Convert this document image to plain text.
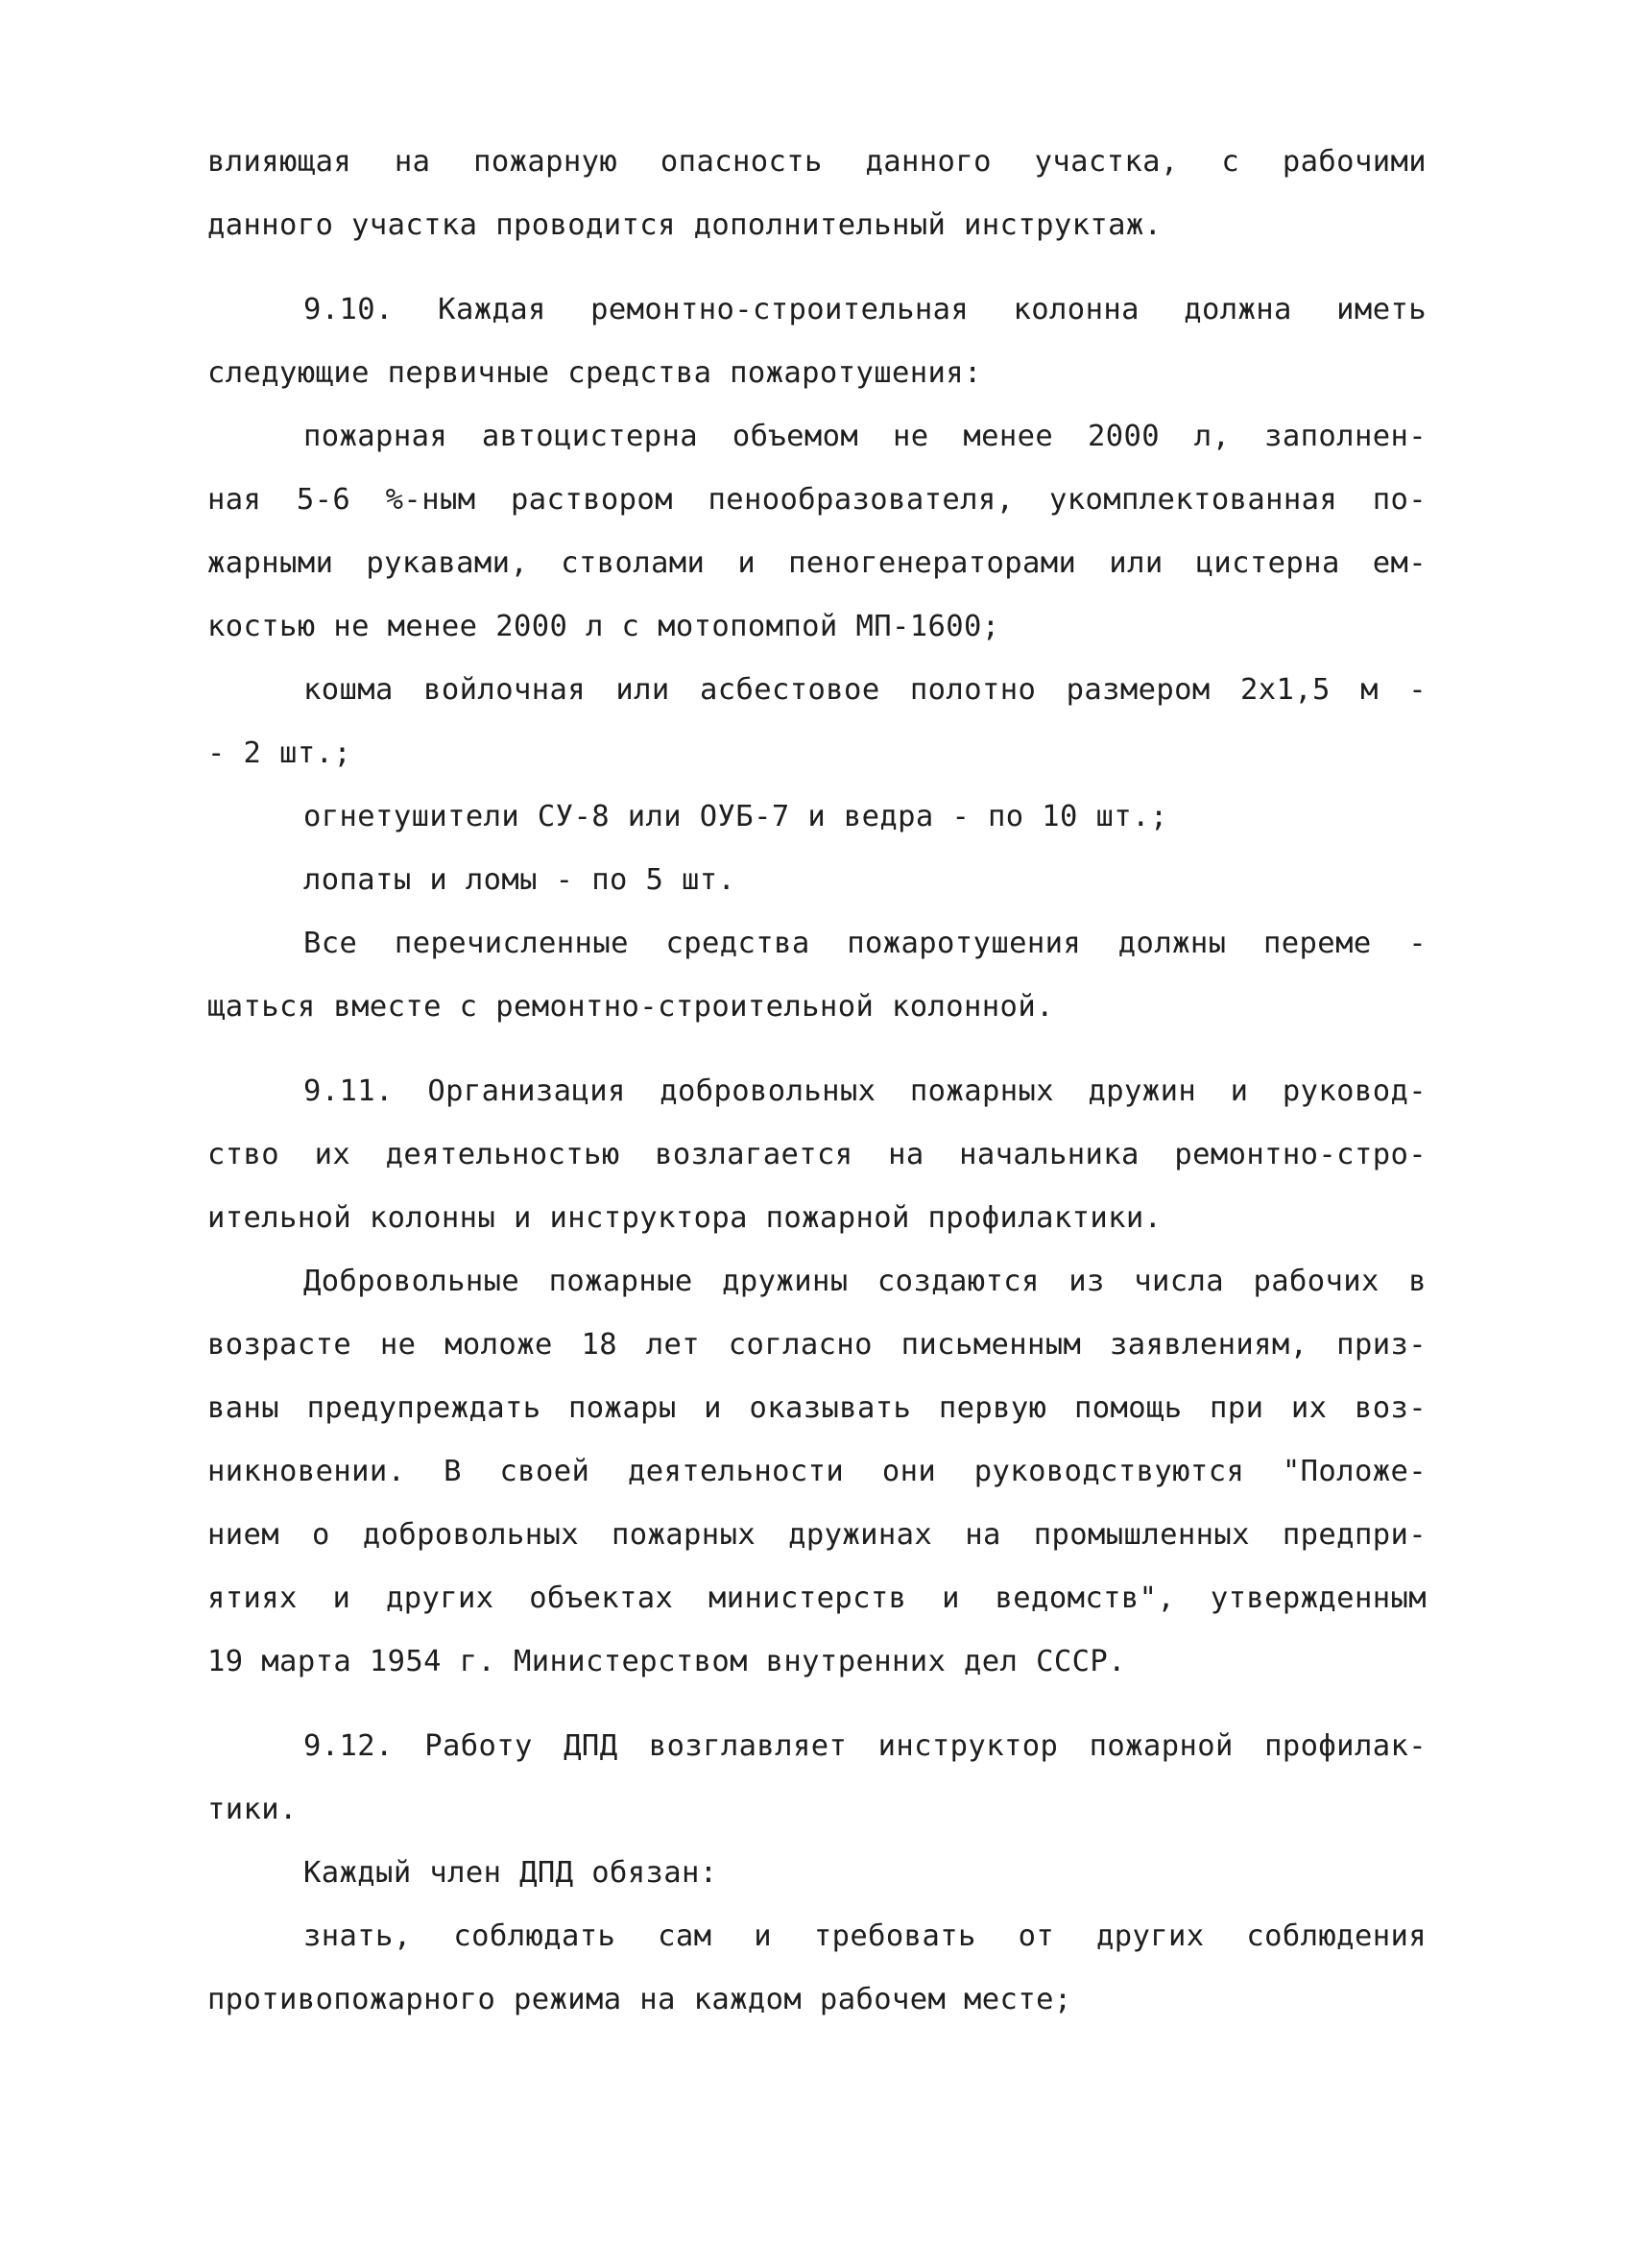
влияющая на пожарную опасность данного участка, с рабочими
данного участка проводится дополнительный инструктаж.
9.10. Каждая ремонтно-строительная колонна должна иметь
следующие первичные средства пожаротушения:
пожарная автоцистерна объемом не менее 2000 л, заполнен-
ная 5-6 %-ным раствором пенообразователя, укомплектованная по-
жарными рукавами, стволами и пеногенераторами или цистерна ем-
костью не менее 2000 л с мотопомпой МП-1600;
кошма войлочная или асбестовое полотно размером 2х1,5 м -
- 2 шт.;
огнетушители СУ-8 или ОУБ-7 и ведра - по 10 шт.;
лопаты и ломы - по 5 шт.
Все перечисленные средства пожаротушения должны переме -
щаться вместе с ремонтно-строительной колонной.
9.11. Организация добровольных пожарных дружин и руковод-
ство их деятельностью возлагается на начальника ремонтно-стро-
ительной колонны и инструктора пожарной профилактики.
Добровольные пожарные дружины создаются из числа рабочих в
возрасте не моложе 18 лет согласно письменным заявлениям, приз-
ваны предупреждать пожары и оказывать первую помощь при их воз-
никновении. В своей деятельности они руководствуются "Положе-
нием о добровольных пожарных дружинах на промышленных предпри-
ятиях и других объектах министерств и ведомств", утвержденным
19 марта 1954 г. Министерством внутренних дел СССР.
9.12. Работу ДПД возглавляет инструктор пожарной профилак-
тики.
Каждый член ДПД обязан:
знать, соблюдать сам и требовать от других соблюдения
противопожарного режима на каждом рабочем месте;
